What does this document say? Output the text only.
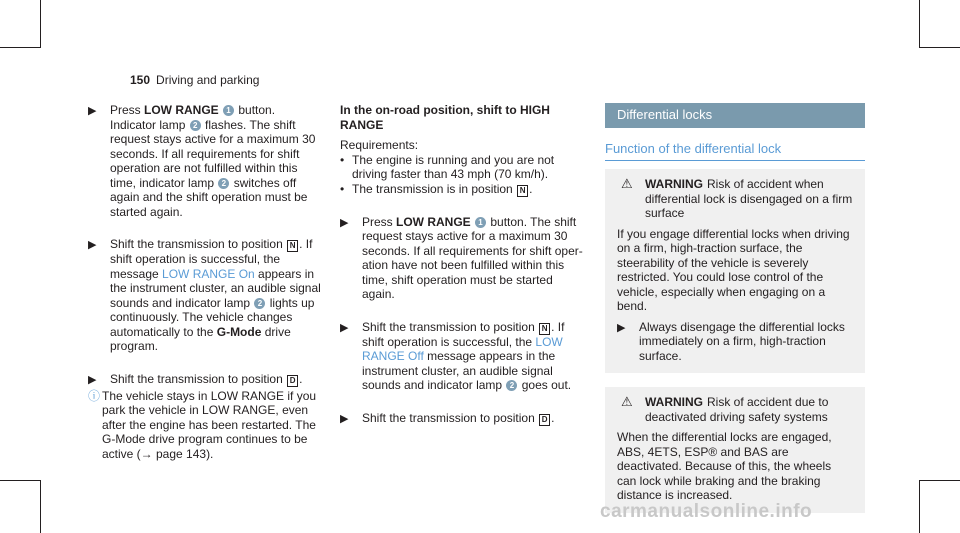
150 Driving and parking
▶ Press LOW RANGE 1 button. Indicator lamp 2 flashes. The shift request stays active for a maximum 30 seconds. If all requirements for shift operation are not fulfilled within this time, indicator lamp 2 switches off again and the shift operation must be started again.
▶ Shift the transmission to position N . If shift operation is successful, the message LOW RANGE On appears in the instrument cluster, an audible signal sounds and indicator lamp 2 lights up continuously. The vehicle changes automatically to the G-Mode drive program.
▶ Shift the transmission to position D .
ⓘ The vehicle stays in LOW RANGE if you park the vehicle in LOW RANGE, even after the engine has been restarted. The G-Mode drive program continues to be active (→ page 143).
In the on-road position, shift to HIGH RANGE
Requirements:
• The engine is running and you are not driving faster than 43 mph (70 km/h).
• The transmission is in position N .
▶ Press LOW RANGE 1 button. The shift request stays active for a maximum 30 seconds. If all requirements for shift operation have not been fulfilled within this time, shift operation must be started again.
▶ Shift the transmission to position N . If shift operation is successful, the LOW RANGE Off message appears in the instrument cluster, an audible signal sounds and indicator lamp 2 goes out.
▶ Shift the transmission to position D .
Differential locks
Function of the differential lock
⚠ WARNING Risk of accident when differential lock is disengaged on a firm surface
If you engage differential locks when driving on a firm, high-traction surface, the steerability of the vehicle is severely restricted. You could lose control of the vehicle, especially when engaging on a bend.
▶ Always disengage the differential locks immediately on a firm, high-traction surface.
⚠ WARNING Risk of accident due to deactivated driving safety systems
When the differential locks are engaged, ABS, 4ETS, ESP® and BAS are deactivated. Because of this, the wheels can lock while braking and the braking distance is increased.
carmanualsonline.info
